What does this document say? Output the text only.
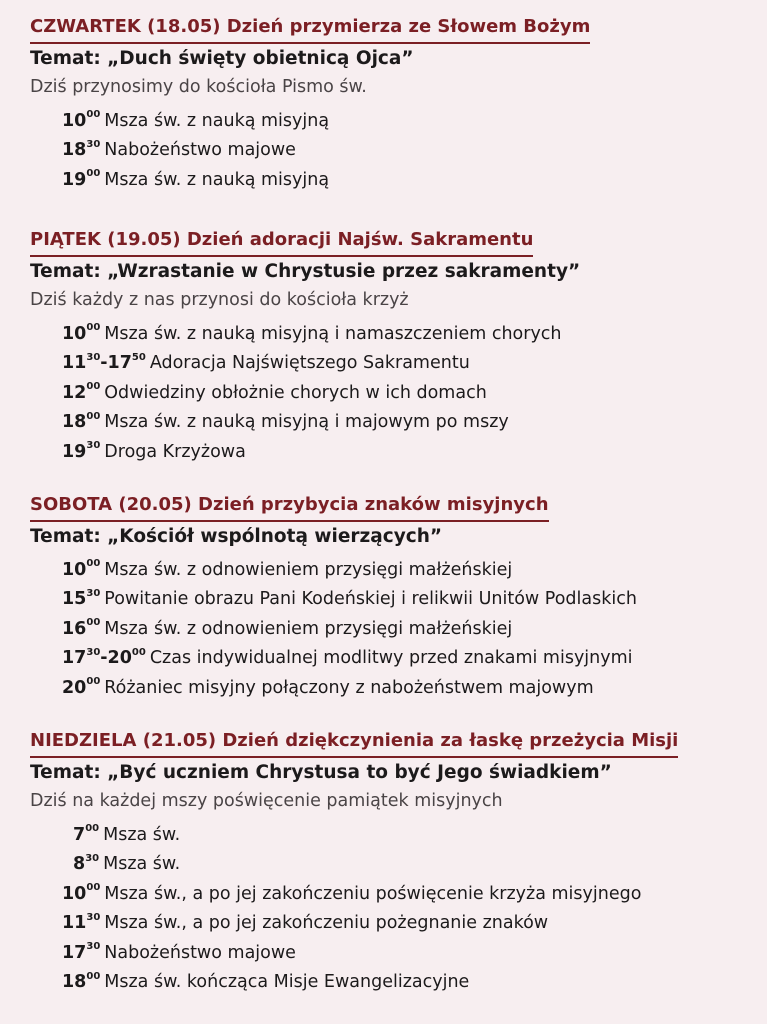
CZWARTEK (18.05) Dzień przymierza ze Słowem Bożym
Temat: „Duch święty obietnicą Ojca”
Dziś przynosimy do kościoła Pismo św.
$10^{00}$ Msza św. z nauką misyjną
$18^{30}$ Nabożeństwo majowe
$19^{00}$ Msza św. z nauką misyjną
PIĄTEK (19.05) Dzień adoracji Najśw. Sakramentu
Temat: „Wzrastanie w Chrystusie przez sakramenty”
Dziś każdy z nas przynosi do kościoła krzyż
$10^{00}$ Msza św. z nauką misyjną i namaszczeniem chorych
$11^{30}-17^{50}$ Adoracja Najświętszego Sakramentu
$12^{00}$ Odwiedziny obłożnie chorych w ich domach
$18^{00}$ Msza św. z nauką misyjną i majowym po mszy
$19^{30}$ Droga Krzyżowa
SOBOTA (20.05) Dzień przybycia znaków misyjnych
Temat: „Kościół wspólnotą wierzących”
$10^{00}$ Msza św. z odnowieniem przysięgi małżeńskiej
$15^{30}$ Powitanie obrazu Pani Kodeńskiej i relikwii Unitów Podlaskich
$16^{00}$ Msza św. z odnowieniem przysięgi małżeńskiej
$17^{30}-20^{00}$ Czas indywidualnej modlitwy przed znakami misyjnymi
$20^{00}$ Różaniec misyjny połączony z nabożeństwem majowym
NIEDZIELA (21.05) Dzień dziękczynienia za łaskę przeżycia Misji
Temat: „Być uczniem Chrystusa to być Jego świadkiem”
Dziś na każdej mszy poświęcenie pamiątek misyjnych
$7^{00}$ Msza św.
$8^{30}$ Msza św.
$10^{00}$ Msza św., a po jej zakończeniu poświęcenie krzyża misyjnego
$11^{30}$ Msza św., a po jej zakończeniu pożegnanie znaków
$17^{30}$ Nabożeństwo majowe
$18^{00}$ Msza św. kończąca Misje Ewangelizacyjne
